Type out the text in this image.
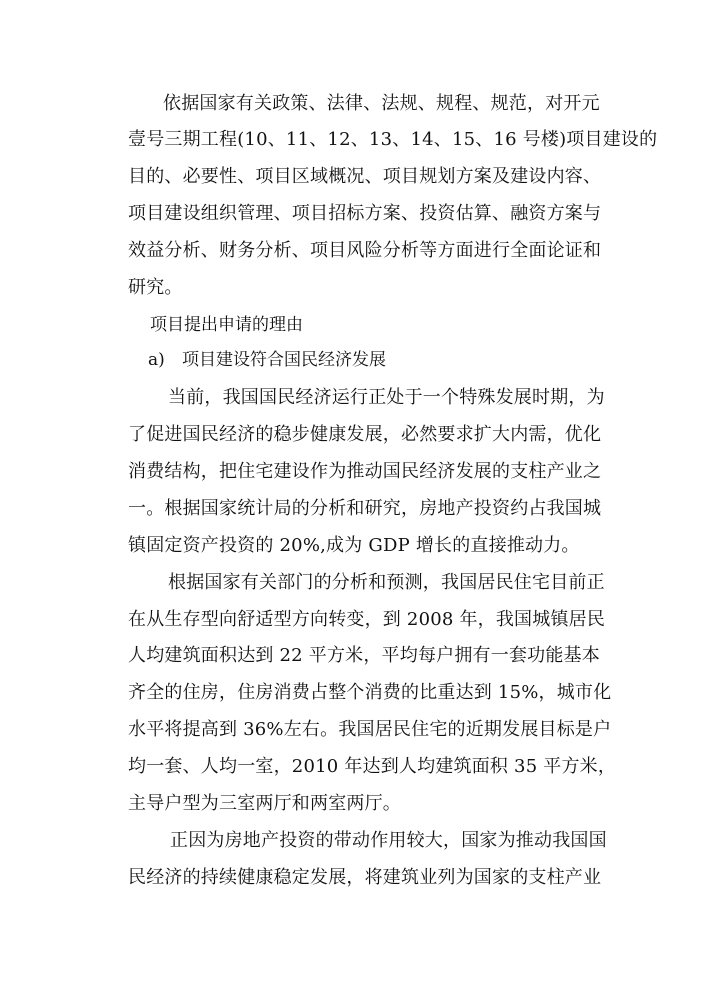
依据国家有关政策、法律、法规、规程、规范，对开元
壹号三期工程(10、11、12、13、14、15、16 号楼)项目建设的
目的、必要性、项目区域概况、项目规划方案及建设内容、
项目建设组织管理、项目招标方案、投资估算、融资方案与
效益分析、财务分析、项目风险分析等方面进行全面论证和
研究。
项目提出申请的理由
a) 项目建设符合国民经济发展
当前，我国国民经济运行正处于一个特殊发展时期，为
了促进国民经济的稳步健康发展，必然要求扩大内需，优化
消费结构，把住宅建设作为推动国民经济发展的支柱产业之
一。根据国家统计局的分析和研究，房地产投资约占我国城
镇固定资产投资的 20%,成为 GDP 增长的直接推动力。
根据国家有关部门的分析和预测，我国居民住宅目前正
在从生存型向舒适型方向转变，到 2008 年，我国城镇居民
人均建筑面积达到 22 平方米，平均每户拥有一套功能基本
齐全的住房，住房消费占整个消费的比重达到 15%，城市化
水平将提高到 36%左右。我国居民住宅的近期发展目标是户
均一套、人均一室，2010 年达到人均建筑面积 35 平方米，
主导户型为三室两厅和两室两厅。
正因为房地产投资的带动作用较大，国家为推动我国国
民经济的持续健康稳定发展，将建筑业列为国家的支柱产业
